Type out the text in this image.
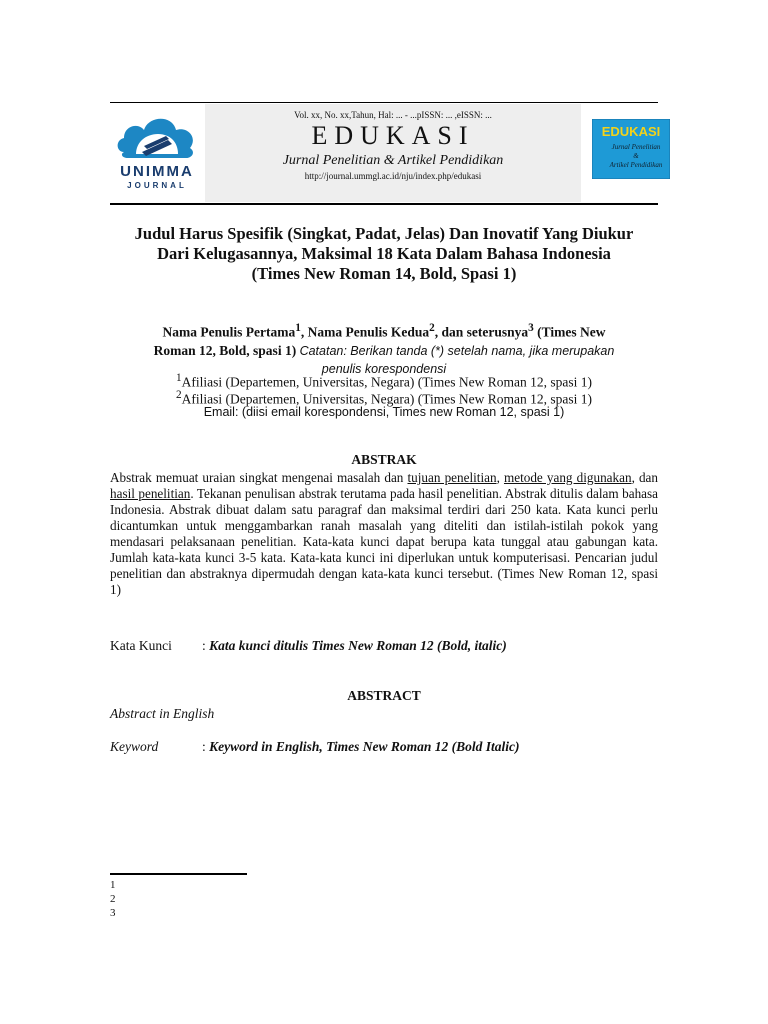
UNIMMA
JOURNAL
Vol. xx, No. xx,Tahun, Hal: ... - ...pISSN: ... ,eISSN: ...
EDUKASI
Jurnal Penelitian & Artikel Pendidikan
http://journal.ummgl.ac.id/nju/index.php/edukasi
EDUKASI
Jurnal Penelitian
&
Artikel Pendidikan
Judul Harus Spesifik (Singkat, Padat, Jelas) Dan Inovatif Yang Diukur
Dari Kelugasannya, Maksimal 18 Kata Dalam Bahasa Indonesia
(Times New Roman 14, Bold, Spasi 1)
Nama Penulis Pertama$^1$, Nama Penulis Kedua$^2$, dan seterusnya$^3$ (Times New
Roman 12, Bold, spasi 1) Catatan: Berikan tanda (*) setelah nama, jika merupakan
penulis korespondensi
$^1$Afiliasi (Departemen, Universitas, Negara) (Times New Roman 12, spasi 1)
$^2$Afiliasi (Departemen, Universitas, Negara) (Times New Roman 12, spasi 1)
Email: (diisi email korespondensi, Times new Roman 12, spasi 1)
ABSTRAK
Abstrak memuat uraian singkat mengenai masalah dan tujuan penelitian, metode yang digunakan, dan hasil penelitian. Tekanan penulisan abstrak terutama pada hasil penelitian. Abstrak ditulis dalam bahasa Indonesia. Abstrak dibuat dalam satu paragraf dan maksimal terdiri dari 250 kata. Kata kunci perlu dicantumkan untuk menggambarkan ranah masalah yang diteliti dan istilah-istilah pokok yang mendasari pelaksanaan penelitian. Kata-kata kunci dapat berupa kata tunggal atau gabungan kata. Jumlah kata-kata kunci 3-5 kata. Kata-kata kunci ini diperlukan untuk komputerisasi. Pencarian judul penelitian dan abstraknya dipermudah dengan kata-kata kunci tersebut. (Times New Roman 12, spasi 1)
Kata Kunci : Kata kunci ditulis Times New Roman 12 (Bold, italic)
ABSTRACT
Abstract in English
Keyword	: Keyword in English, Times New Roman 12 (Bold Italic)
1
2
3
